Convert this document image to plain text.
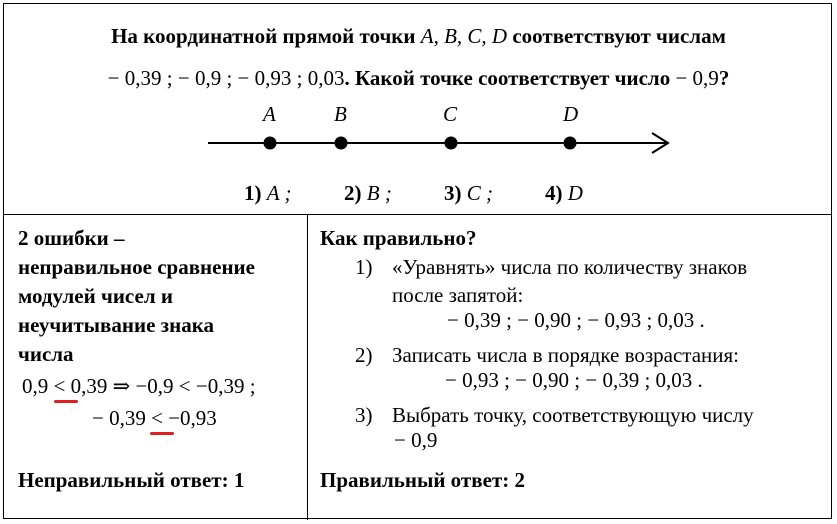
На координатной прямой точки A, B, C, D соответствуют числам
− 0,39 ; − 0,9 ; − 0,93 ; 0,03. Какой точке соответствует число − 0,9?
A	B	C	D
1) A ;	2) B ; 3) C ; 4) D
2 ошибки –
неправильное сравнение
модулей чисел и
неучитывание знака
числа
0,9 < 0,39 ⇒ −0,9 < −0,39 ;
− 0,39 < −0,93
Неправильный ответ: 1
Как правильно?
1) «Уравнять» числа по количеству знаков
после запятой:
− 0,39 ; − 0,90 ; − 0,93 ; 0,03 .
2) Записать числа в порядке возрастания:
− 0,93 ; − 0,90 ; − 0,39 ; 0,03 .
3) Выбрать точку, соответствующую числу
− 0,9
Правильный ответ: 2
